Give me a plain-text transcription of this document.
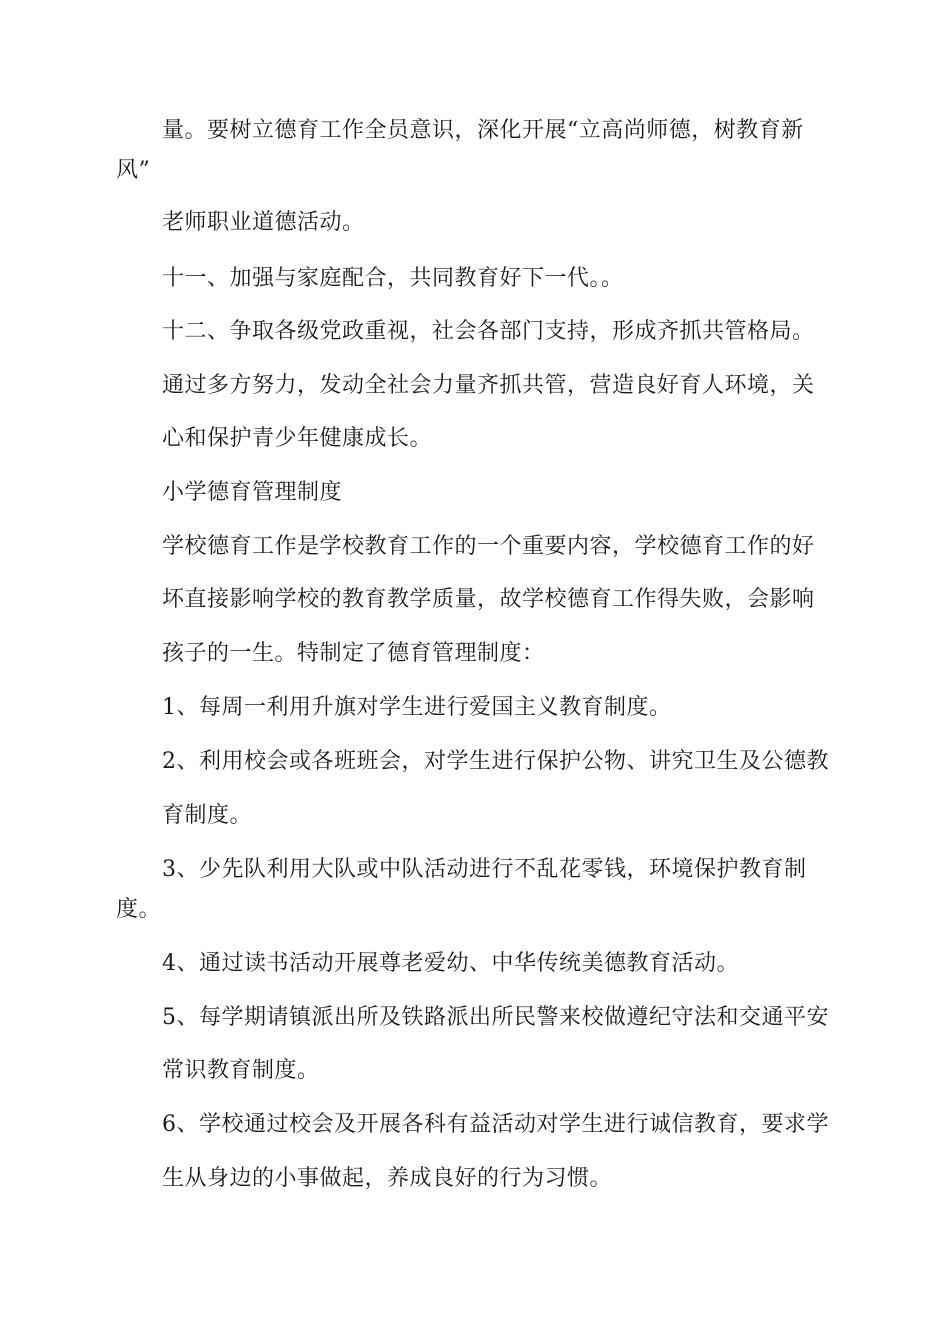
量。要树立德育工作全员意识，深化开展“立高尚师德，树教育新
风”
老师职业道德活动。
十一、加强与家庭配合，共同教育好下一代。。
十二、争取各级党政重视，社会各部门支持，形成齐抓共管格局。
通过多方努力，发动全社会力量齐抓共管，营造良好育人环境，关
心和保护青少年健康成长。
小学德育管理制度
学校德育工作是学校教育工作的一个重要内容，学校德育工作的好
坏直接影响学校的教育教学质量，故学校德育工作得失败，会影响
孩子的一生。特制定了德育管理制度：
1、每周一利用升旗对学生进行爱国主义教育制度。
2、利用校会或各班班会，对学生进行保护公物、讲究卫生及公德教
育制度。
3、少先队利用大队或中队活动进行不乱花零钱，环境保护教育制
度。
4、通过读书活动开展尊老爱幼、中华传统美德教育活动。
5、每学期请镇派出所及铁路派出所民警来校做遵纪守法和交通平安
常识教育制度。
6、学校通过校会及开展各科有益活动对学生进行诚信教育，要求学
生从身边的小事做起，养成良好的行为习惯。
